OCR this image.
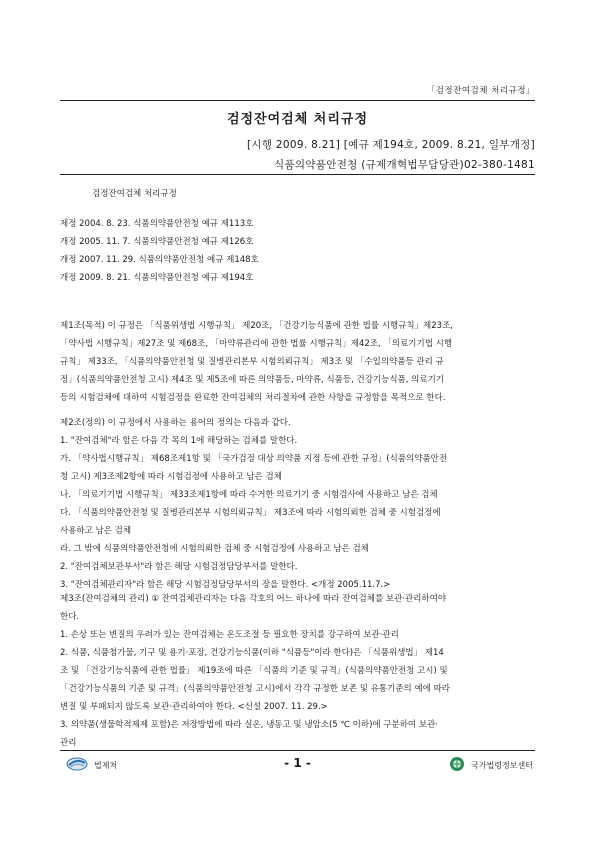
「검정잔여검체 처리규정」
검정잔여검체 처리규정
[시행 2009. 8.21] [예규 제194호, 2009. 8.21, 일부개정]
식품의약품안전청 (규제개혁법무담당관)02-380-1481
검정잔여검체 처리규정
제정 2004. 8. 23. 식품의약품안전청 예규 제113호
개정 2005. 11. 7. 식품의약품안전청 예규 제126호
개정 2007. 11. 29. 식품의약품안전청 예규 제148호
개정 2009. 8. 21. 식품의약품안전청 예규 제194호
제1조(목적) 이 규정은 「식품위생법 시행규칙」 제20조, 「건강기능식품에 관한 법률 시행규칙」제23조,
「약사법 시행규칙」제27조 및 제68조, 「마약류관리에 관한 법률 시행규칙」제42조, 「의료기기법 시행
규칙」 제33조, 「식품의약품안전청 및 질병관리본부 시험의뢰규칙」 제3조 및 「수입의약품등 관리 규
정」(식품의약품안전청 고시) 제4조 및 제5조에 따른 의약품등, 마약류, 식품등, 건강기능식품, 의료기기
등의 시험검체에 대하여 시험검정을 완료한 잔여검체의 처리절차에 관한 사항을 규정함을 목적으로 한다.
제2조(정의) 이 규정에서 사용하는 용어의 정의는 다음과 같다.
1. "잔여검체"라 함은 다음 각 목의 1에 해당하는 검체를 말한다.
가. 「약사법시행규칙」 제68조제1항 및 「국가검정 대상 의약품 지정 등에 관한 규정」(식품의약품안전
청 고시) 제3조제2항에 따라 시험검정에 사용하고 남은 검체
나. 「의료기기법 시행규칙」 제33조제1항에 따라 수거한 의료기기 중 시험검사에 사용하고 남은 검체
다. 「식품의약품안전청 및 질병관리본부 시험의뢰규칙」 제3조에 따라 시험의뢰한 검체 중 시험검정에
사용하고 남은 검체
라. 그 밖에 식품의약품안전청에 시험의뢰한 검체 중 시험검정에 사용하고 남은 검체
2. "잔여검체보관부서"라 함은 해당 시험검정담당부서를 말한다.
3. "잔여검체관리자"라 함은 해당 시험검정담당부서의 장을 말한다. <개정 2005.11.7.>
제3조(잔여검체의 관리) ① 잔여검체관리자는 다음 각호의 어느 하나에 따라 잔여검체를 보관·관리하여야
한다.
1. 손상 또는 변질의 우려가 있는 잔여검체는 온도조절 등 필요한 장치를 강구하여 보관·관리
2. 식품, 식품첨가물, 기구 및 용기·포장, 건강기능식품(이하 "식품등"이라 한다)은 「식품위생법」 제14
조 및 「건강기능식품에 관한 법률」 제19조에 따른 「식품의 기준 및 규격」(식품의약품안전청 고시) 및
「건강기능식품의 기준 및 규격」(식품의약품안전청 고시)에서 각각 규정한 보존 및 유통기준의 예에 따라
변질 및 부패되지 않도록 보관·관리하여야 한다. <신설 2007. 11. 29.>
3. 의약품(생물학적제제 포함)은 저장방법에 따라 실온, 냉동고 및 냉암소(5 ℃ 이하)에 구분하여 보관·
관리
법제처	- 1 -	국가법령정보센터
